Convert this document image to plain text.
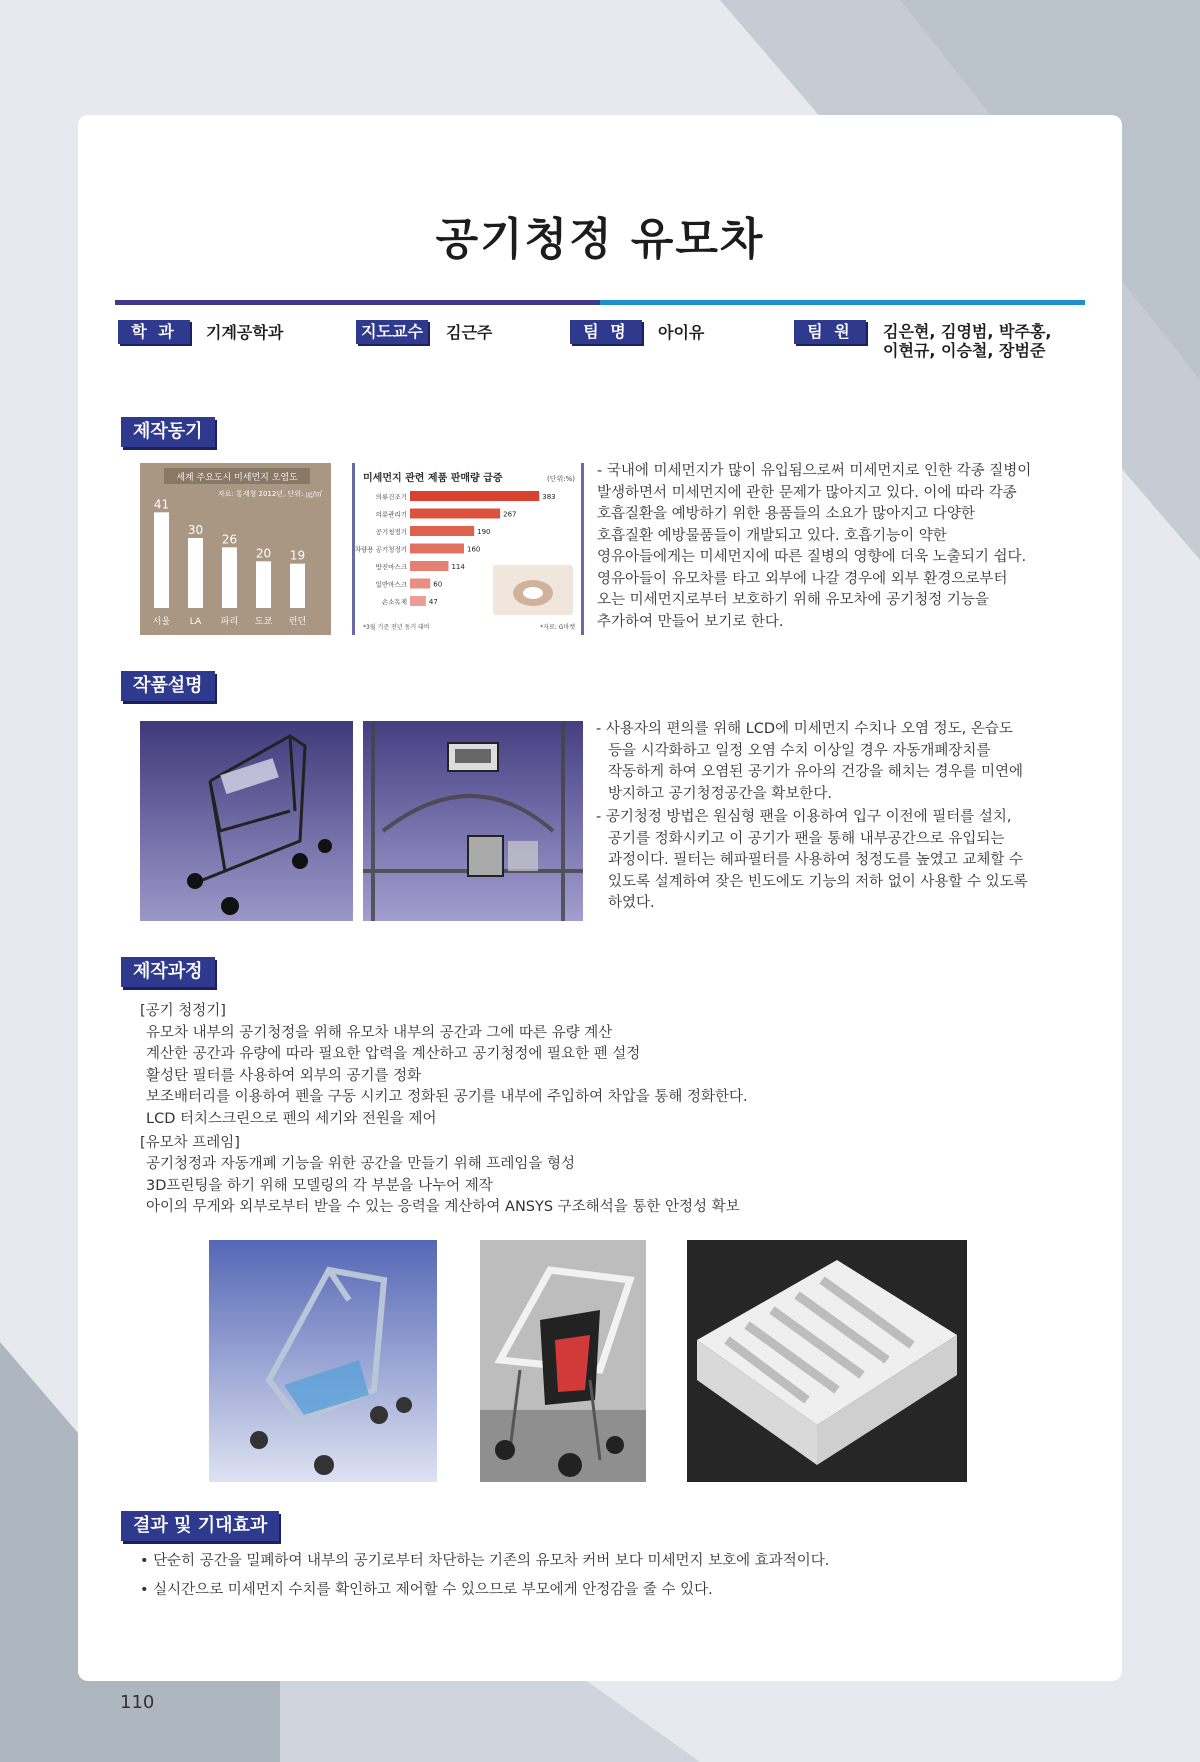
공기청정 유모차
학 과	기계공학과	지도교수	김근주	팀 명	아이유	팀 원	김은현, 김영범, 박주홍,
이현규, 이승철, 장범준
제작동기

- 국내에 미세먼지가 많이 유입됨으로써 미세먼지로 인한 각종 질병이

발생하면서 미세먼지에 관한 문제가 많아지고 있다. 이에 따라 각종

호흡질환을 예방하기 위한 용품들의 소요가 많아지고 다양한

호흡질환 예방물품들이 개발되고 있다. 호흡기능이 약한

영유아들에게는 미세먼지에 따른 질병의 영향에 더욱 노출되기 쉽다.

영유아들이 유모차를 타고 외부에 나갈 경우에 외부 환경으로부터

오는 미세먼지로부터 보호하기 위해 유모차에 공기청정 기능을

추가하여 만들어 보기로 한다.

작품설명

- 사용자의 편의를 위해 LCD에 미세먼지 수치나 오염 정도, 온습도

등을 시각화하고 일정 오염 수치 이상일 경우 자동개폐장치를

작동하게 하여 오염된 공기가 유아의 건강을 해치는 경우를 미연에

방지하고 공기청정공간을 확보한다.

- 공기청정 방법은 원심형 팬을 이용하여 입구 이전에 필터를 설치,

공기를 정화시키고 이 공기가 팬을 통해 내부공간으로 유입되는

과정이다. 필터는 헤파필터를 사용하여 청정도를 높였고 교체할 수

있도록 설계하여 잦은 빈도에도 기능의 저하 없이 사용할 수 있도록

하였다.

제작과정

[공기 청정기]

유모차 내부의 공기청정을 위해 유모차 내부의 공간과 그에 따른 유량 계산

계산한 공간과 유량에 따라 필요한 압력을 계산하고 공기청정에 필요한 펜 설정

활성탄 필터를 사용하여 외부의 공기를 정화

보조배터리를 이용하여 펜을 구동 시키고 정화된 공기를 내부에 주입하여 차압을 통해 정화한다.

LCD 터치스크린으로 펜의 세기와 전원을 제어

[유모차 프레임]

공기청정과 자동개폐 기능을 위한 공간을 만들기 위해 프레임을 형성

3D프린팅을 하기 위해 모델링의 각 부분을 나누어 제작

아이의 무게와 외부로부터 받을 수 있는 응력을 계산하여 ANSYS 구조해석을 통한 안정성 확보

결과 및 기대효과

• 단순히 공간을 밀폐하여 내부의 공기로부터 차단하는 기존의 유모차 커버 보다 미세먼지 보호에 효과적이다.

• 실시간으로 미세먼지 수치를 확인하고 제어할 수 있으므로 부모에게 안정감을 줄 수 있다.

세계 주요도시 미세먼지 오염도
자료: 통계청 2012년, 단위: ㎍/㎥
41
서울
30
LA
26
파리
20
도쿄
19
런던
미세먼지 관련 제품 판매량 급증	(단위:%)
의류건조기	383
의류관리기	267
공기청정기	190
차량용 공기청정기	160
방진마스크	114
일반마스크	60
손소독제	47
*3월 기준 전년 동기 대비	*자료: G마켓
110
